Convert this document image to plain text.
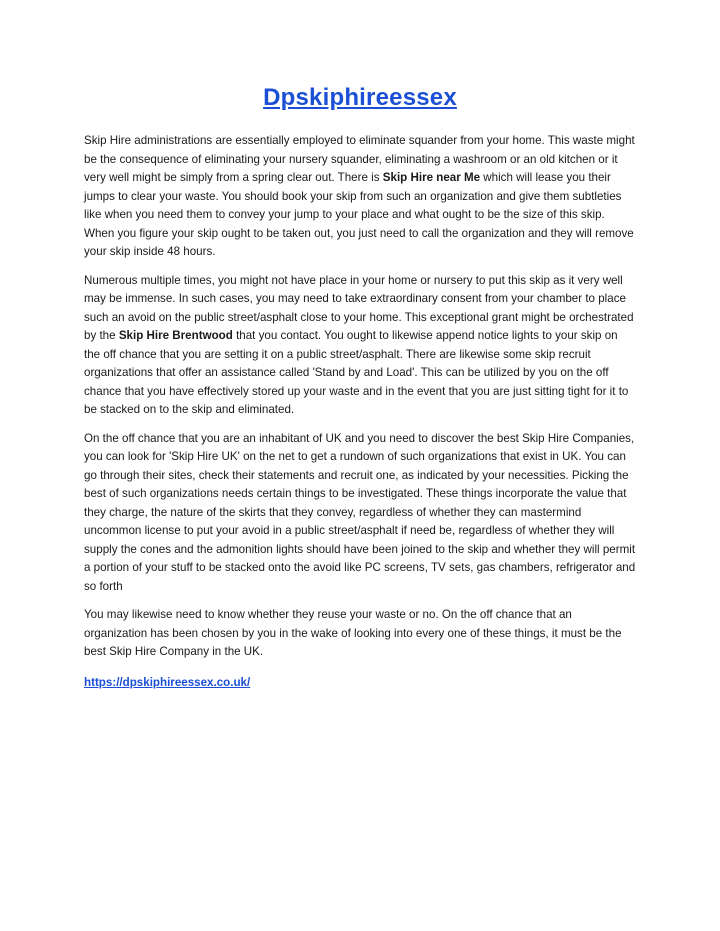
Dpskiphireessex

Skip Hire administrations are essentially employed to eliminate squander from your home. This waste might be the consequence of eliminating your nursery squander, eliminating a washroom or an old kitchen or it very well might be simply from a spring clear out. There is Skip Hire near Me which will lease you their jumps to clear your waste. You should book your skip from such an organization and give them subtleties like when you need them to convey your jump to your place and what ought to be the size of this skip. When you figure your skip ought to be taken out, you just need to call the organization and they will remove your skip inside 48 hours.

Numerous multiple times, you might not have place in your home or nursery to put this skip as it very well may be immense. In such cases, you may need to take extraordinary consent from your chamber to place such an avoid on the public street/asphalt close to your home. This exceptional grant might be orchestrated by the Skip Hire Brentwood that you contact. You ought to likewise append notice lights to your skip on the off chance that you are setting it on a public street/asphalt. There are likewise some skip recruit organizations that offer an assistance called 'Stand by and Load'. This can be utilized by you on the off chance that you have effectively stored up your waste and in the event that you are just sitting tight for it to be stacked on to the skip and eliminated.

On the off chance that you are an inhabitant of UK and you need to discover the best Skip Hire Companies, you can look for 'Skip Hire UK' on the net to get a rundown of such organizations that exist in UK. You can go through their sites, check their statements and recruit one, as indicated by your necessities. Picking the best of such organizations needs certain things to be investigated. These things incorporate the value that they charge, the nature of the skirts that they convey, regardless of whether they can mastermind uncommon license to put your avoid in a public street/asphalt if need be, regardless of whether they will supply the cones and the admonition lights should have been joined to the skip and whether they will permit a portion of your stuff to be stacked onto the avoid like PC screens, TV sets, gas chambers, refrigerator and so forth

You may likewise need to know whether they reuse your waste or no. On the off chance that an organization has been chosen by you in the wake of looking into every one of these things, it must be the best Skip Hire Company in the UK.

https://dpskiphireessex.co.uk/
